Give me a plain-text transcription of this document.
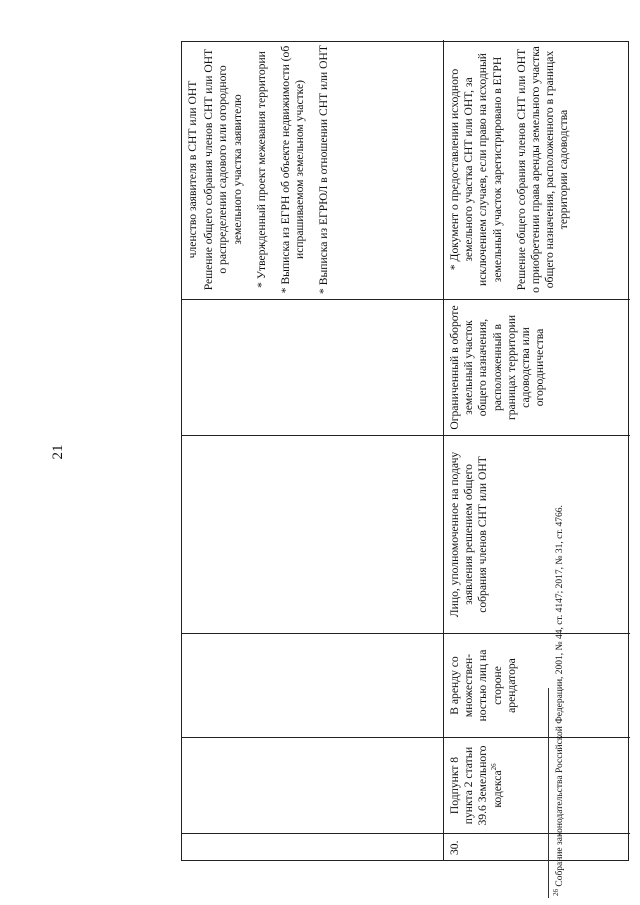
21

членство заявителя в СНТ или ОНТ Решение общего собрания членов СНТ или ОНТ о распределении садового или огородного земельного участка заявителю * Утвержденный проект межевания территории * Выписка из ЕГРН об объекте недвижимости (об испрашиваемом земельном участке) * Выписка из ЕГРЮЛ в отношении СНТ или ОНТ

30.
Подпункт 8 пункта 2 статьи 39.6 Земельного кодекса$^{26}$
В аренду со множественностью лиц на стороне арендатора
Лицо, уполномоченное на подачу заявления решением общего собрания членов СНТ или ОНТ
Ограниченный в обороте земельный участок общего назначения, расположенный в границах территории садоводства или огородничества

* Документ о предоставлении исходного земельного участка СНТ или ОНТ, за исключением случаев, если право на исходный земельный участок зарегистрировано в ЕГРН Решение общего собрания членов СНТ или ОНТ о приобретении права аренды земельного участка общего назначения, расположенного в границах территории садоводства

$^{26}$ Собрание законодательства Российской Федерации, 2001, № 44, ст. 4147; 2017, № 31, ст. 4766.
